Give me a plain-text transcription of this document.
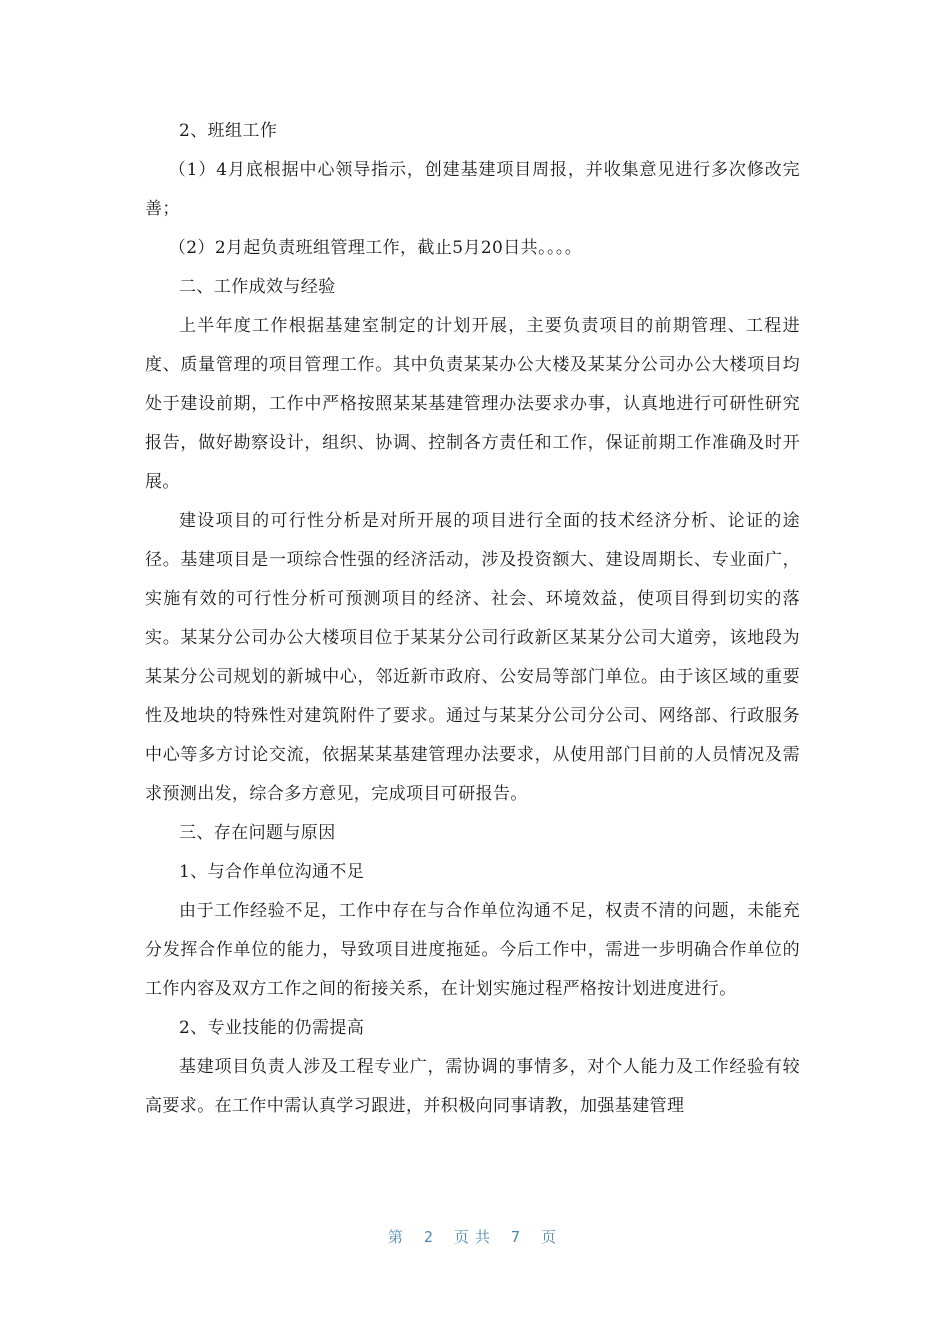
2、班组工作

（1）4月底根据中心领导指示，创建基建项目周报，并收集意见进行多次修改完善；

（2）2月起负责班组管理工作，截止5月20日共。。。。

二、工作成效与经验

上半年度工作根据基建室制定的计划开展，主要负责项目的前期管理、工程进度、质量管理的项目管理工作。其中负责某某办公大楼及某某分公司办公大楼项目均处于建设前期，工作中严格按照某某基建管理办法要求办事，认真地进行可研性研究报告，做好勘察设计，组织、协调、控制各方责任和工作，保证前期工作准确及时开展。

建设项目的可行性分析是对所开展的项目进行全面的技术经济分析、论证的途径。基建项目是一项综合性强的经济活动，涉及投资额大、建设周期长、专业面广，实施有效的可行性分析可预测项目的经济、社会、环境效益，使项目得到切实的落实。某某分公司办公大楼项目位于某某分公司行政新区某某分公司大道旁，该地段为某某分公司规划的新城中心，邻近新市政府、公安局等部门单位。由于该区域的重要性及地块的特殊性对建筑附件了要求。通过与某某分公司分公司、网络部、行政服务中心等多方讨论交流，依据某某基建管理办法要求，从使用部门目前的人员情况及需求预测出发，综合多方意见，完成项目可研报告。

三、存在问题与原因

1、与合作单位沟通不足

由于工作经验不足，工作中存在与合作单位沟通不足，权责不清的问题，未能充分发挥合作单位的能力，导致项目进度拖延。今后工作中，需进一步明确合作单位的工作内容及双方工作之间的衔接关系，在计划实施过程严格按计划进度进行。

2、专业技能的仍需提高

基建项目负责人涉及工程专业广，需协调的事情多，对个人能力及工作经验有较高要求。在工作中需认真学习跟进，并积极向同事请教，加强基建管理

第 2 页共 7 页
